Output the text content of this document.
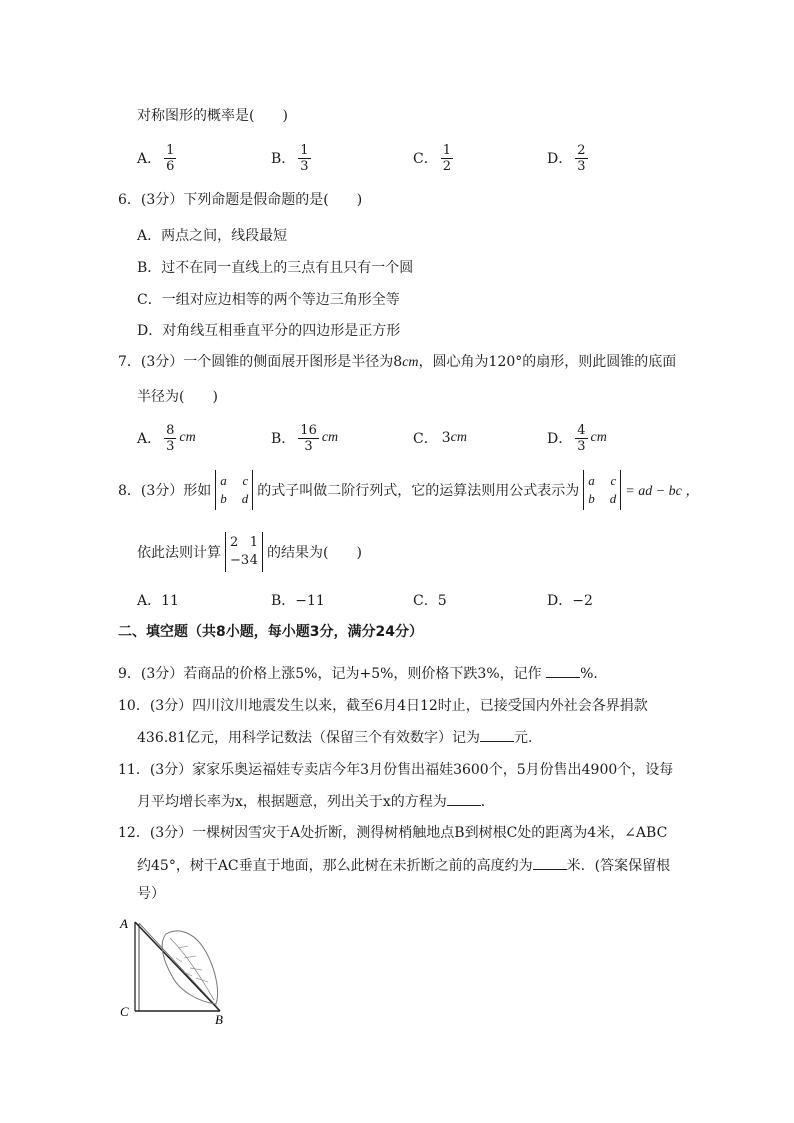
对称图形的概率是(　　)
A． $\frac{1}{6}$	B． $\frac{1}{3}$	C． $\frac{1}{2}$	D． $\frac{2}{3}$
6．(3分）下列命题是假命题的是(　　)
A．两点之间，线段最短
B．过不在同一直线上的三点有且只有一个圆
C．一组对应边相等的两个等边三角形全等
D．对角线互相垂直平分的四边形是正方形
7．(3分）一个圆锥的侧面展开图形是半径为8cm，圆心角为120°的扇形，则此圆锥的底面
半径为(　　)
A． $\frac{8}{3}$ cm	B． $\frac{16}{3}$ cm	C． 3 cm	D． $\frac{4}{3}$ cm
8．(3分）形如
a c
b d 的式子叫做二阶行列式，它的运算法则用公式表示为
a c
b d = ad − bc ，
依此法则计算
2 1
−3 4 的结果为(　　)
A．11	B．−11	C．5	D．−2
二、填空题（共8小题，每小题3分，满分24分）
9．(3分）若商品的价格上涨5%，记为+5%，则价格下跌3%，记作	%．
10．(3分）四川汶川地震发生以来，截至6月4日12时止，已接受国内外社会各界捐款
436.81亿元，用科学记数法（保留三个有效数字）记为 元．
11．(3分）家家乐奥运福娃专卖店今年3月份售出福娃3600个，5月份售出4900个，设每
月平均增长率为x，根据题意，列出关于x的方程为 ．
12．(3分）一棵树因雪灾于A处折断，测得树梢触地点B到树根C处的距离为4米，∠ABC
约45°，树干AC垂直于地面，那么此树在未折断之前的高度约为 米．(答案保留根
号）
A
C
B
